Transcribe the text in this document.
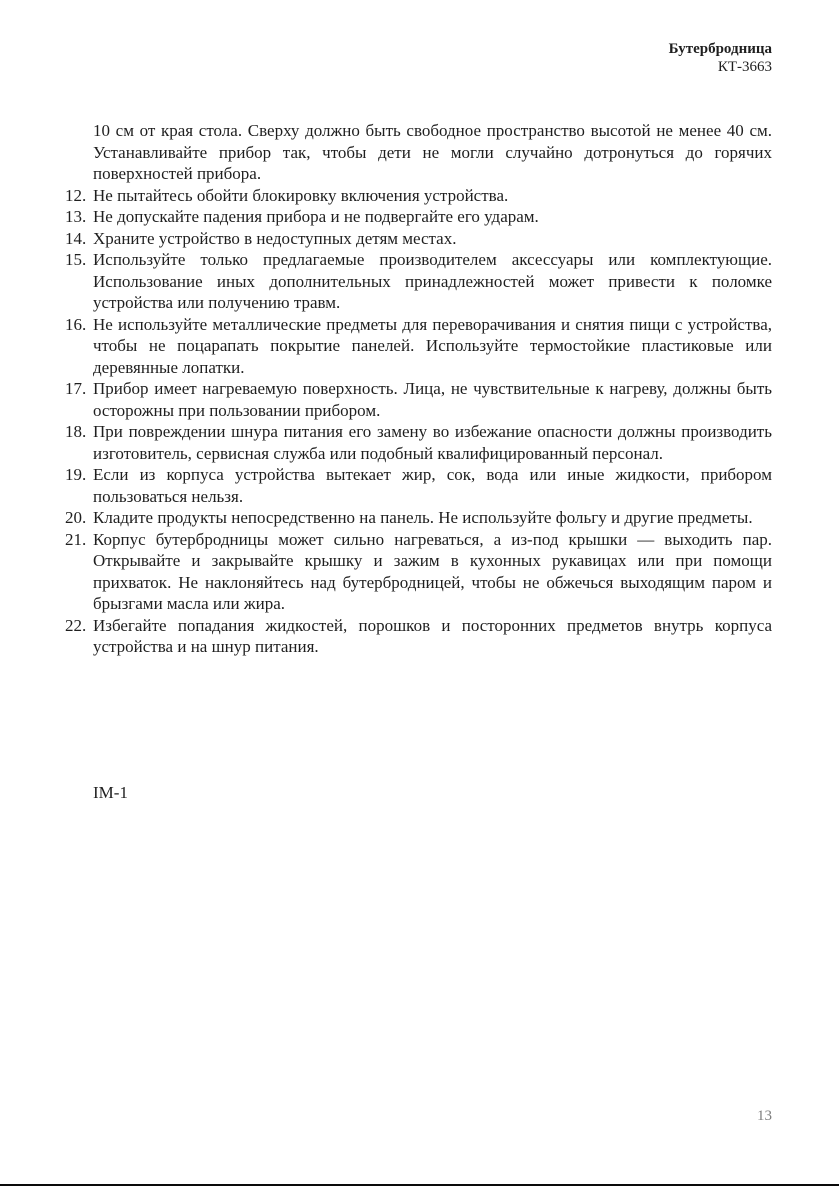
Бутербродница
КТ-3663

10 см от края стола. Сверху должно быть свободное пространство высотой не менее 40 см. Устанавливайте прибор так, чтобы дети не могли случайно дотронуться до горячих поверхностей прибора.

12. Не пытайтесь обойти блокировку включения устройства.
13. Не допускайте падения прибора и не подвергайте его ударам.
14. Храните устройство в недоступных детям местах.
15. Используйте только предлагаемые производителем аксессуары или комплектующие. Использование иных дополнительных принадлежностей может привести к поломке устройства или получению травм.
16. Не используйте металлические предметы для переворачивания и снятия пищи с устройства, чтобы не поцарапать покрытие панелей. Используйте термостойкие пластиковые или деревянные лопатки.
17. Прибор имеет нагреваемую поверхность. Лица, не чувствительные к нагреву, должны быть осторожны при пользовании прибором.
18. При повреждении шнура питания его замену во избежание опасности должны производить изготовитель, сервисная служба или подобный квалифицированный персонал.
19. Если из корпуса устройства вытекает жир, сок, вода или иные жидкости, прибором пользоваться нельзя.
20. Кладите продукты непосредственно на панель. Не используйте фольгу и другие предметы.
21. Корпус бутербродницы может сильно нагреваться, а из-под крышки — выходить пар. Открывайте и закрывайте крышку и зажим в кухонных рукавицах или при помощи прихваток. Не наклоняйтесь над бутербродницей, чтобы не обжечься выходящим паром и брызгами масла или жира.
22. Избегайте попадания жидкостей, порошков и посторонних предметов внутрь корпуса устройства и на шнур питания.
IM-1
13
